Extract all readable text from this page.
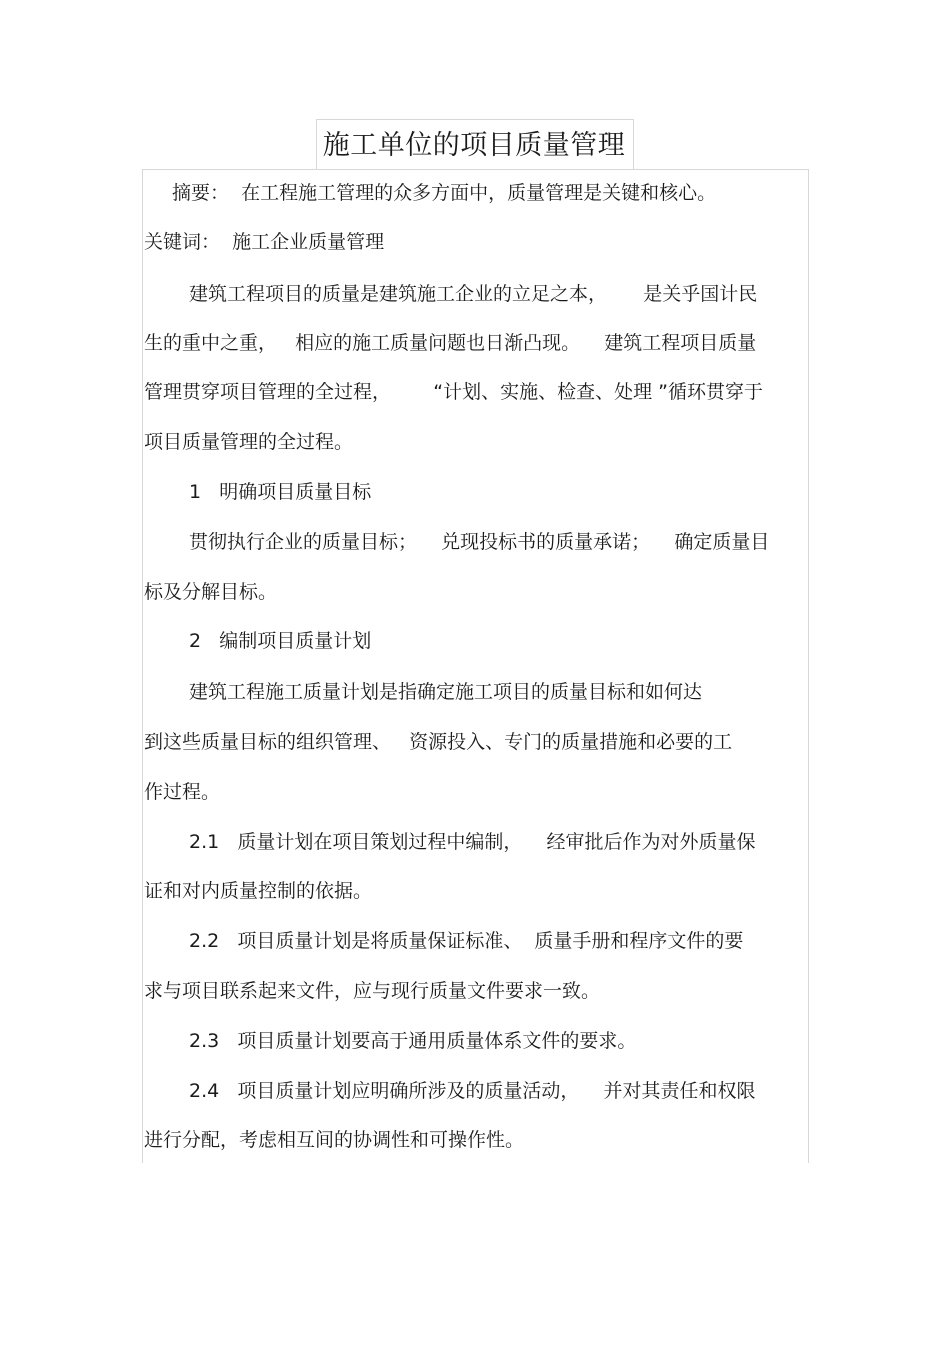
施工单位的项目质量管理
摘要：  在工程施工管理的众多方面中，质量管理是关键和核心。
关键词：  施工企业质量管理
建筑工程项目的质量是建筑施工企业的立足之本，      是关乎国计民
生的重中之重，   相应的施工质量问题也日渐凸现。    建筑工程项目质量
管理贯穿项目管理的全过程，       “计划、实施、检查、处理 ”循环贯穿于
项目质量管理的全过程。
1   明确项目质量目标
贯彻执行企业的质量目标；    兑现投标书的质量承诺；    确定质量目
标及分解目标。
2   编制项目质量计划
建筑工程施工质量计划是指确定施工项目的质量目标和如何达
到这些质量目标的组织管理、   资源投入、专门的质量措施和必要的工
作过程。
2.1   质量计划在项目策划过程中编制，    经审批后作为对外质量保
证和对内质量控制的依据。
2.2   项目质量计划是将质量保证标准、  质量手册和程序文件的要
求与项目联系起来文件，应与现行质量文件要求一致。
2.3   项目质量计划要高于通用质量体系文件的要求。
2.4   项目质量计划应明确所涉及的质量活动，    并对其责任和权限
进行分配，考虑相互间的协调性和可操作性。
